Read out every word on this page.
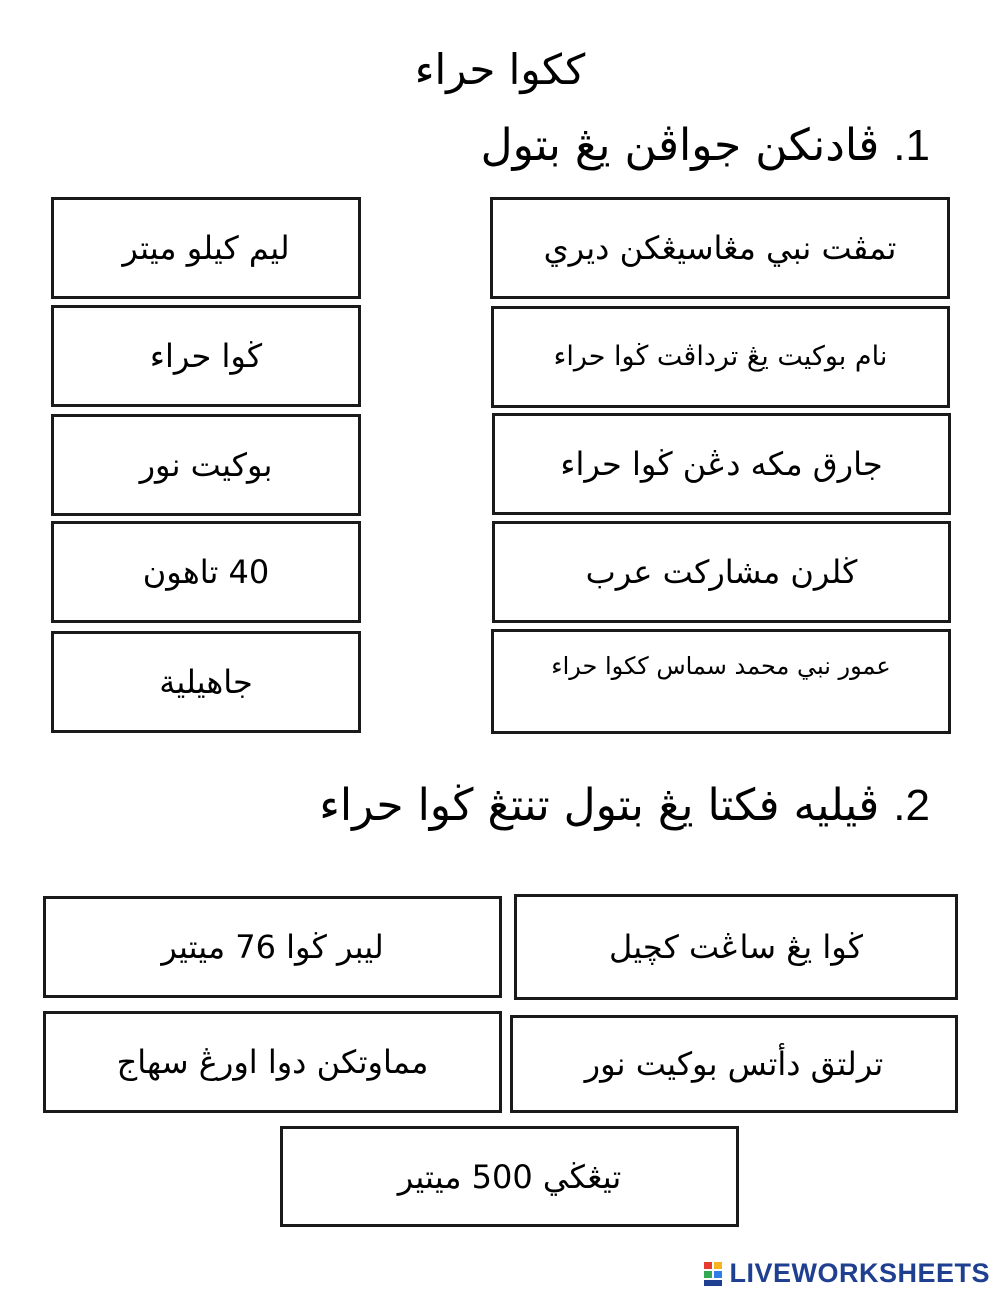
ككوا حراء
1. ڤادنكن جواڤن يڠ بتول
تمڤت نبي مڠاسيڠكن ديري
نام بوکيت يڠ ترداڤت ڬوا حراء
جارق مكه دڠن ڬوا حراء
ڬلرن مشاركت عرب
عمور نبي محمد سماس ككوا حراء
ليم كيلو ميتر
ڬوا حراء
بوکيت نور
40 تاهون
جاهيلية
2. ڤيليه فكتا يڠ بتول تنتڠ ڬوا حراء
ڬوا يڠ ساڠت كچيل
ليبر ڬوا 76 ميتير
ترلتق دأتس بوكيت نور
مماوتكن دوا اورڠ سهاج
تيڠڬي 500 ميتير
LIVEWORKSHEETS
